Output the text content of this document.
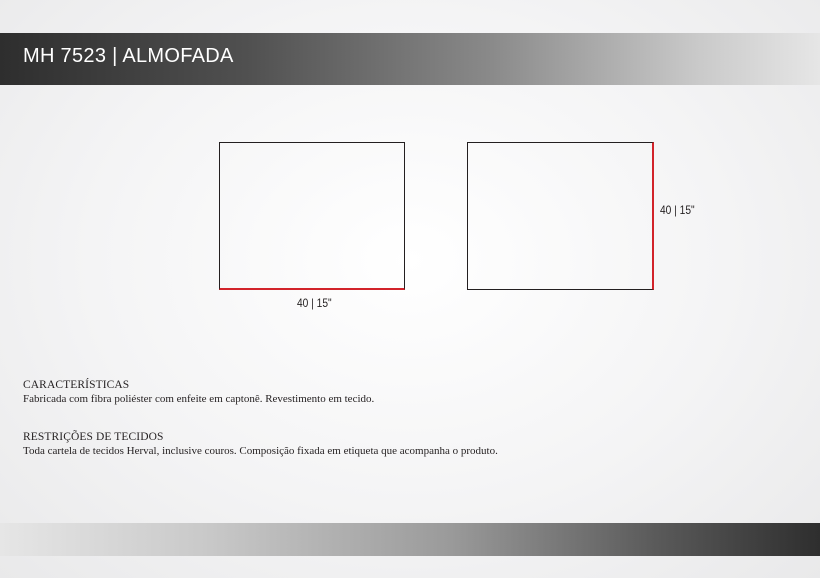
MH 7523 | ALMOFADA
40 | 15"
40 | 15"
CARACTERÍSTICAS

Fabricada com fibra poliéster com enfeite em captonê. Revestimento em tecido.

RESTRIÇÕES DE TECIDOS

Toda cartela de tecidos Herval, inclusive couros. Composição fixada em etiqueta que acompanha o produto.
